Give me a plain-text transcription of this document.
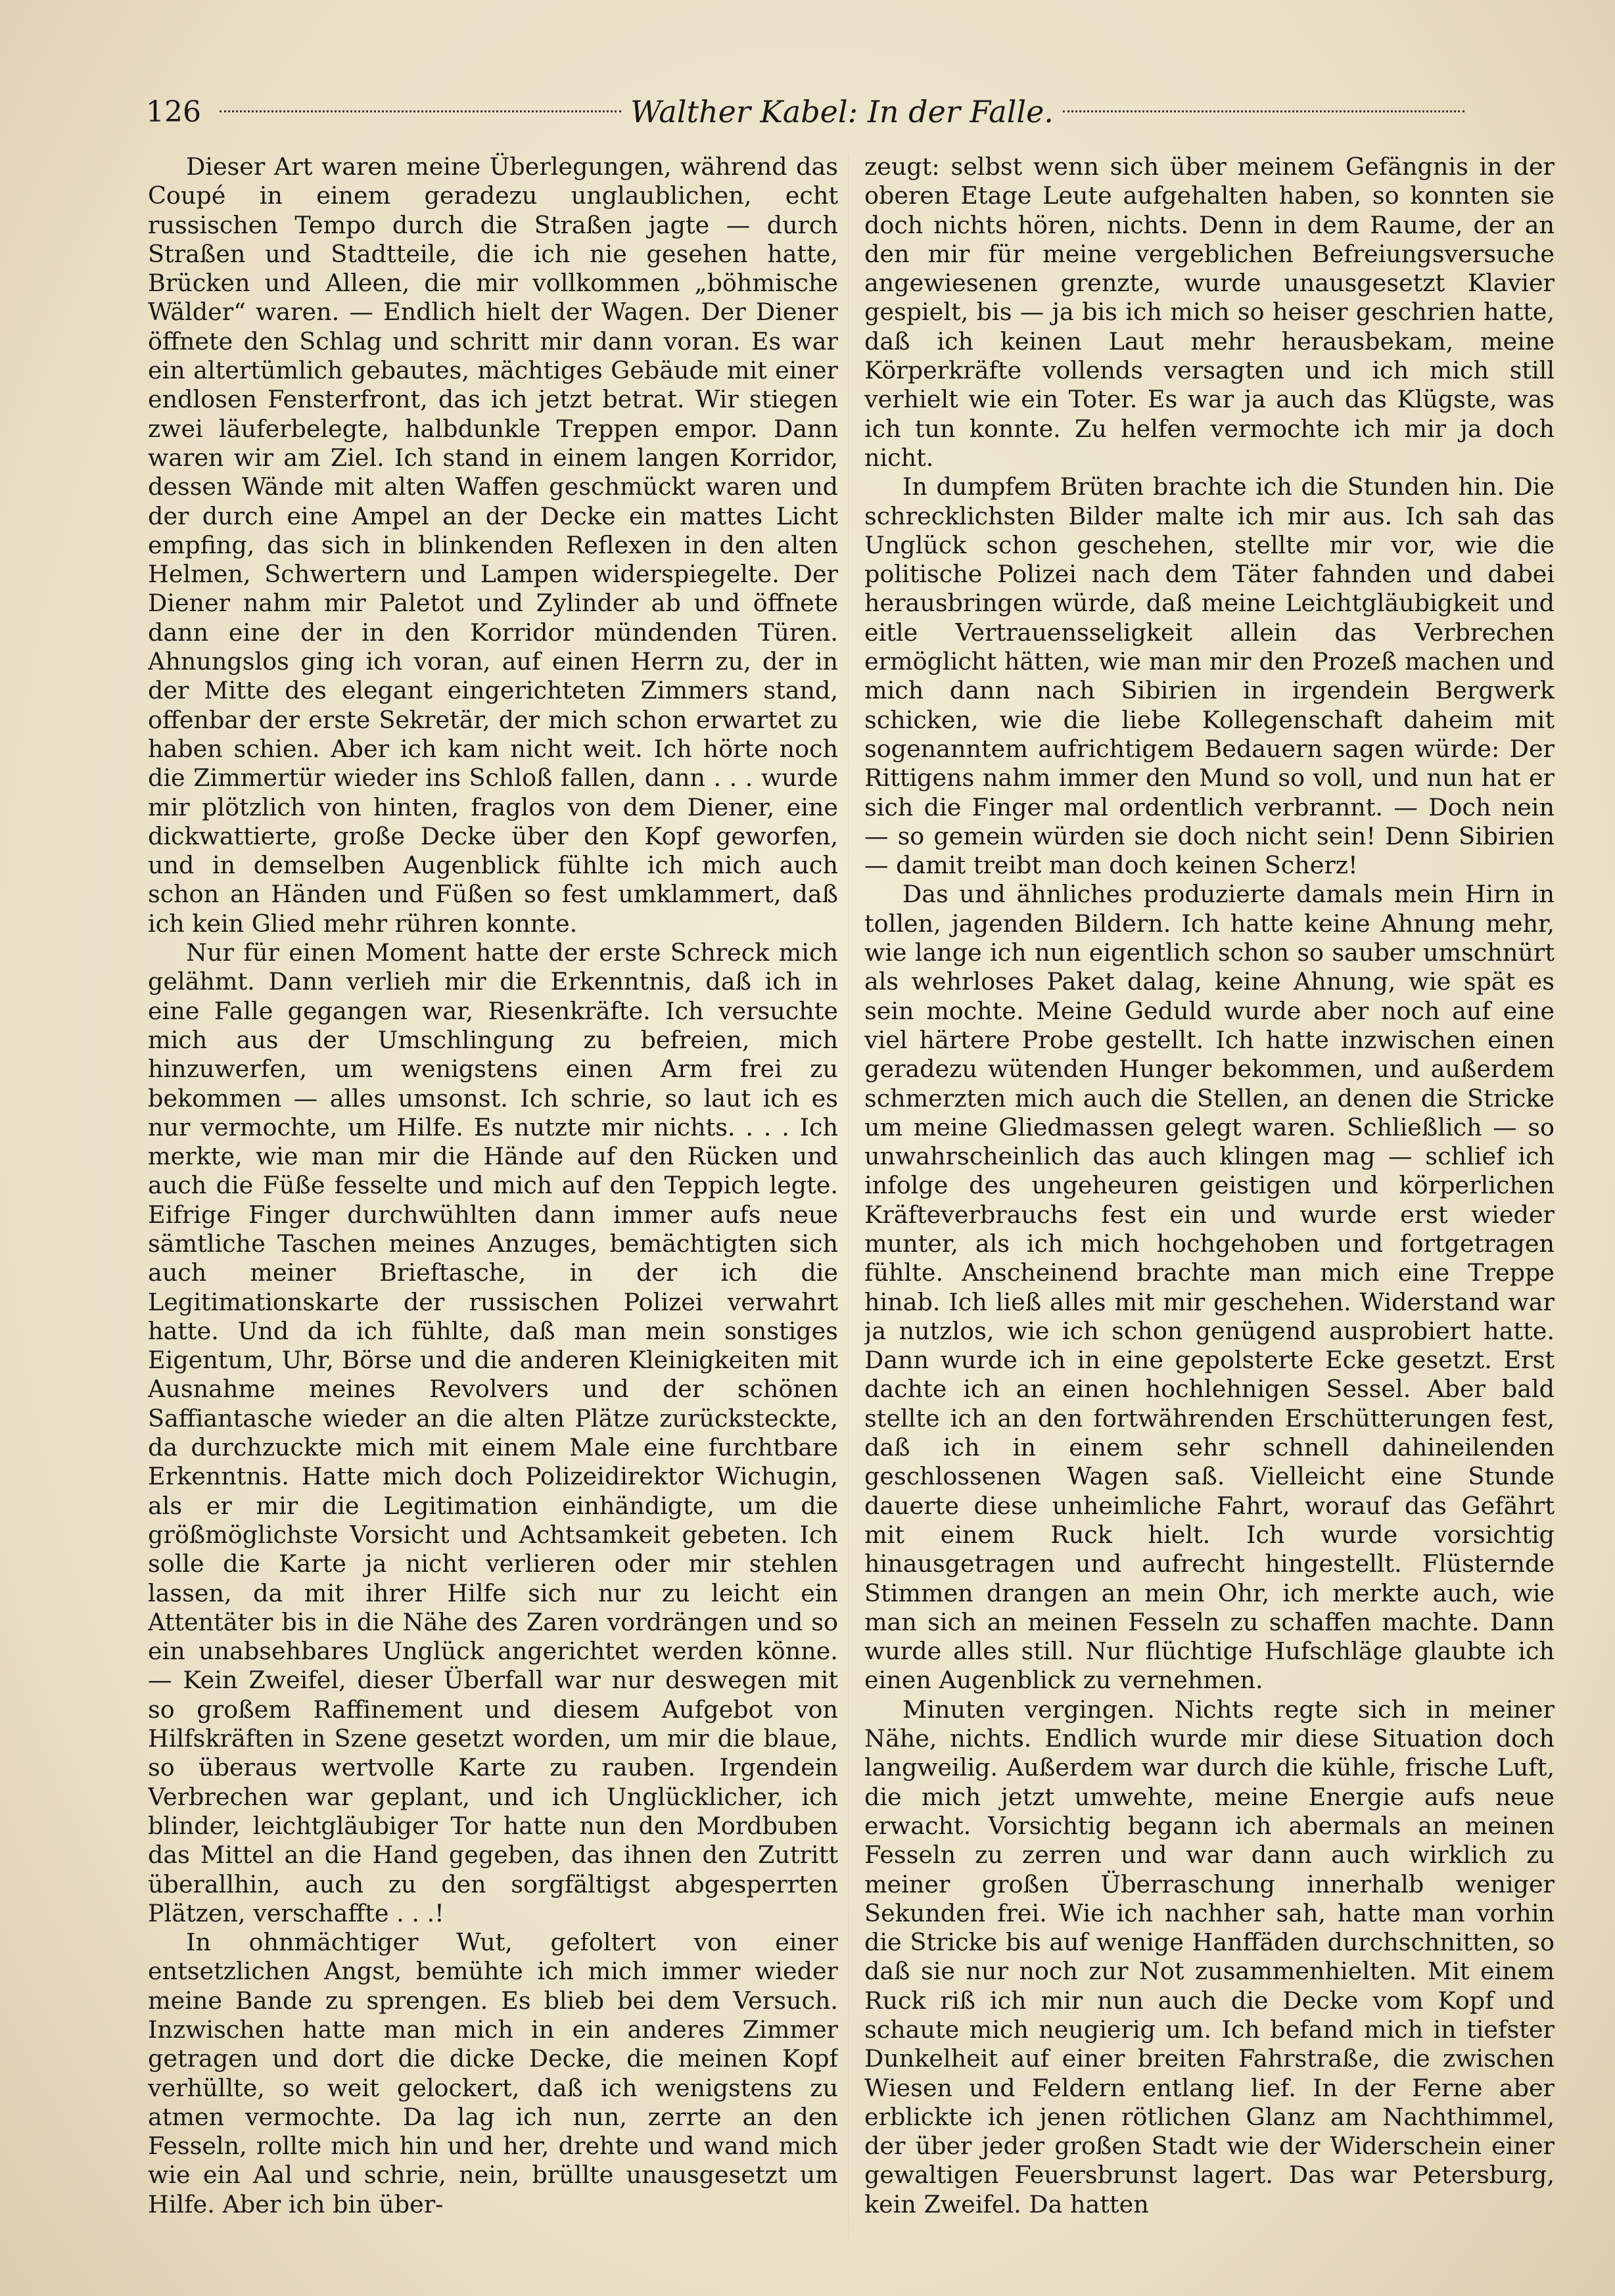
126	Walther Kabel: In der Falle.

Dieser Art waren meine Überlegungen, während das Coupé in einem geradezu unglaublichen, echt russischen Tempo durch die Straßen jagte — durch Straßen und Stadtteile, die ich nie gesehen hatte, Brücken und Alleen, die mir vollkommen „böhmische Wälder“ waren. — Endlich hielt der Wagen. Der Diener öffnete den Schlag und schritt mir dann voran. Es war ein altertümlich gebautes, mächtiges Gebäude mit einer endlosen Fensterfront, das ich jetzt betrat. Wir stiegen zwei läuferbelegte, halbdunkle Treppen empor. Dann waren wir am Ziel. Ich stand in einem langen Korridor, dessen Wände mit alten Waffen geschmückt waren und der durch eine Ampel an der Decke ein mattes Licht empfing, das sich in blinkenden Reflexen in den alten Helmen, Schwertern und Lampen widerspiegelte. Der Diener nahm mir Paletot und Zylinder ab und öffnete dann eine der in den Korridor mündenden Türen. Ahnungslos ging ich voran, auf einen Herrn zu, der in der Mitte des elegant eingerichteten Zimmers stand, offenbar der erste Sekretär, der mich schon erwartet zu haben schien. Aber ich kam nicht weit. Ich hörte noch die Zimmertür wieder ins Schloß fallen, dann . . . wurde mir plötzlich von hinten, fraglos von dem Diener, eine dickwattierte, große Decke über den Kopf geworfen, und in demselben Augenblick fühlte ich mich auch schon an Händen und Füßen so fest umklammert, daß ich kein Glied mehr rühren konnte.

Nur für einen Moment hatte der erste Schreck mich gelähmt. Dann verlieh mir die Erkenntnis, daß ich in eine Falle gegangen war, Riesenkräfte. Ich versuchte mich aus der Umschlingung zu befreien, mich hinzuwerfen, um wenigstens einen Arm frei zu bekommen — alles umsonst. Ich schrie, so laut ich es nur vermochte, um Hilfe. Es nutzte mir nichts. . . . Ich merkte, wie man mir die Hände auf den Rücken und auch die Füße fesselte und mich auf den Teppich legte. Eifrige Finger durchwühlten dann immer aufs neue sämtliche Taschen meines Anzuges, bemächtigten sich auch meiner Brieftasche, in der ich die Legitimationskarte der russischen Polizei verwahrt hatte. Und da ich fühlte, daß man mein sonstiges Eigentum, Uhr, Börse und die anderen Kleinigkeiten mit Ausnahme meines Revolvers und der schönen Saffiantasche wieder an die alten Plätze zurücksteckte, da durchzuckte mich mit einem Male eine furchtbare Erkenntnis. Hatte mich doch Polizeidirektor Wichugin, als er mir die Legitimation einhändigte, um die größmöglichste Vorsicht und Achtsamkeit gebeten. Ich solle die Karte ja nicht verlieren oder mir stehlen lassen, da mit ihrer Hilfe sich nur zu leicht ein Attentäter bis in die Nähe des Zaren vordrängen und so ein unabsehbares Unglück angerichtet werden könne. — Kein Zweifel, dieser Überfall war nur deswegen mit so großem Raffinement und diesem Aufgebot von Hilfskräften in Szene gesetzt worden, um mir die blaue, so überaus wertvolle Karte zu rauben. Irgendein Verbrechen war geplant, und ich Unglücklicher, ich blinder, leichtgläubiger Tor hatte nun den Mordbuben das Mittel an die Hand gegeben, das ihnen den Zutritt überallhin, auch zu den sorgfältigst abgesperrten Plätzen, verschaffte . . .!

In ohnmächtiger Wut, gefoltert von einer entsetzlichen Angst, bemühte ich mich immer wieder meine Bande zu sprengen. Es blieb bei dem Versuch. Inzwischen hatte man mich in ein anderes Zimmer getragen und dort die dicke Decke, die meinen Kopf verhüllte, so weit gelockert, daß ich wenigstens zu atmen vermochte. Da lag ich nun, zerrte an den Fesseln, rollte mich hin und her, drehte und wand mich wie ein Aal und schrie, nein, brüllte unausgesetzt um Hilfe. Aber ich bin über-

zeugt: selbst wenn sich über meinem Gefängnis in der oberen Etage Leute aufgehalten haben, so konnten sie doch nichts hören, nichts. Denn in dem Raume, der an den mir für meine vergeblichen Befreiungsversuche angewiesenen grenzte, wurde unausgesetzt Klavier gespielt, bis — ja bis ich mich so heiser geschrien hatte, daß ich keinen Laut mehr herausbekam, meine Körperkräfte vollends versagten und ich mich still verhielt wie ein Toter. Es war ja auch das Klügste, was ich tun konnte. Zu helfen vermochte ich mir ja doch nicht.

In dumpfem Brüten brachte ich die Stunden hin. Die schrecklichsten Bilder malte ich mir aus. Ich sah das Unglück schon geschehen, stellte mir vor, wie die politische Polizei nach dem Täter fahnden und dabei herausbringen würde, daß meine Leichtgläubigkeit und eitle Vertrauensseligkeit allein das Verbrechen ermöglicht hätten, wie man mir den Prozeß machen und mich dann nach Sibirien in irgendein Bergwerk schicken, wie die liebe Kollegenschaft daheim mit sogenanntem aufrichtigem Bedauern sagen würde: Der Rittigens nahm immer den Mund so voll, und nun hat er sich die Finger mal ordentlich verbrannt. — Doch nein — so gemein würden sie doch nicht sein! Denn Sibirien — damit treibt man doch keinen Scherz!

Das und ähnliches produzierte damals mein Hirn in tollen, jagenden Bildern. Ich hatte keine Ahnung mehr, wie lange ich nun eigentlich schon so sauber umschnürt als wehrloses Paket dalag, keine Ahnung, wie spät es sein mochte. Meine Geduld wurde aber noch auf eine viel härtere Probe gestellt. Ich hatte inzwischen einen geradezu wütenden Hunger bekommen, und außerdem schmerzten mich auch die Stellen, an denen die Stricke um meine Gliedmassen gelegt waren. Schließlich — so unwahrscheinlich das auch klingen mag — schlief ich infolge des ungeheuren geistigen und körperlichen Kräfteverbrauchs fest ein und wurde erst wieder munter, als ich mich hochgehoben und fortgetragen fühlte. Anscheinend brachte man mich eine Treppe hinab. Ich ließ alles mit mir geschehen. Widerstand war ja nutzlos, wie ich schon genügend ausprobiert hatte. Dann wurde ich in eine gepolsterte Ecke gesetzt. Erst dachte ich an einen hochlehnigen Sessel. Aber bald stellte ich an den fortwährenden Erschütterungen fest, daß ich in einem sehr schnell dahineilenden geschlossenen Wagen saß. Vielleicht eine Stunde dauerte diese unheimliche Fahrt, worauf das Gefährt mit einem Ruck hielt. Ich wurde vorsichtig hinausgetragen und aufrecht hingestellt. Flüsternde Stimmen drangen an mein Ohr, ich merkte auch, wie man sich an meinen Fesseln zu schaffen machte. Dann wurde alles still. Nur flüchtige Hufschläge glaubte ich einen Augenblick zu vernehmen.

Minuten vergingen. Nichts regte sich in meiner Nähe, nichts. Endlich wurde mir diese Situation doch langweilig. Außerdem war durch die kühle, frische Luft, die mich jetzt umwehte, meine Energie aufs neue erwacht. Vorsichtig begann ich abermals an meinen Fesseln zu zerren und war dann auch wirklich zu meiner großen Überraschung innerhalb weniger Sekunden frei. Wie ich nachher sah, hatte man vorhin die Stricke bis auf wenige Hanffäden durchschnitten, so daß sie nur noch zur Not zusammenhielten. Mit einem Ruck riß ich mir nun auch die Decke vom Kopf und schaute mich neugierig um. Ich befand mich in tiefster Dunkelheit auf einer breiten Fahrstraße, die zwischen Wiesen und Feldern entlang lief. In der Ferne aber erblickte ich jenen rötlichen Glanz am Nachthimmel, der über jeder großen Stadt wie der Widerschein einer gewaltigen Feuersbrunst lagert. Das war Petersburg, kein Zweifel. Da hatten
